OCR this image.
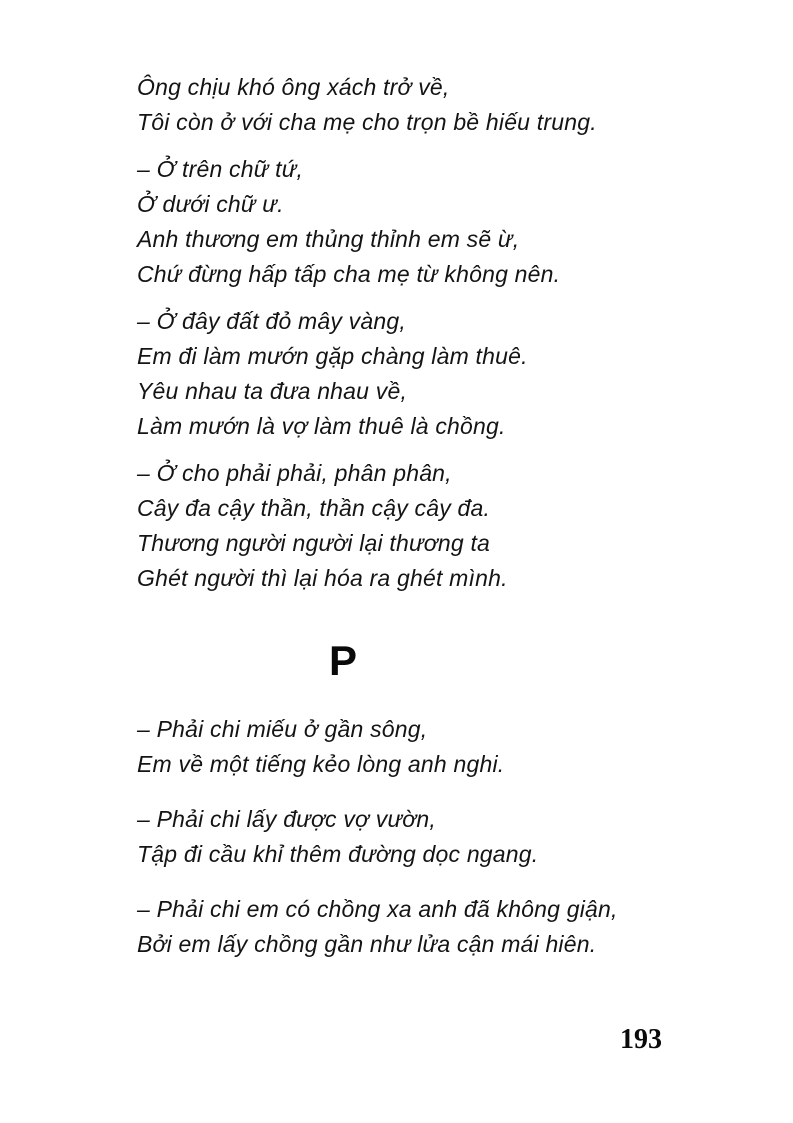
Ông chịu khó ông xách trở về,

Tôi còn ở với cha mẹ cho trọn bề hiếu trung.

– Ở trên chữ tứ,

Ở dưới chữ ư.

Anh thương em thủng thỉnh em sẽ ừ,

Chứ đừng hấp tấp cha mẹ từ không nên.

– Ở đây đất đỏ mây vàng,

Em đi làm mướn gặp chàng làm thuê.

Yêu nhau ta đưa nhau về,

Làm mướn là vợ làm thuê là chồng.

– Ở cho phải phải, phân phân,

Cây đa cậy thần, thần cậy cây đa.

Thương người người lại thương ta

Ghét người thì lại hóa ra ghét mình.

P

– Phải chi miếu ở gần sông,

Em về một tiếng kẻo lòng anh nghi.

– Phải chi lấy được vợ vườn,

Tập đi cầu khỉ thêm đường dọc ngang.

– Phải chi em có chồng xa anh đã không giận,

Bởi em lấy chồng gần như lửa cận mái hiên.

193
